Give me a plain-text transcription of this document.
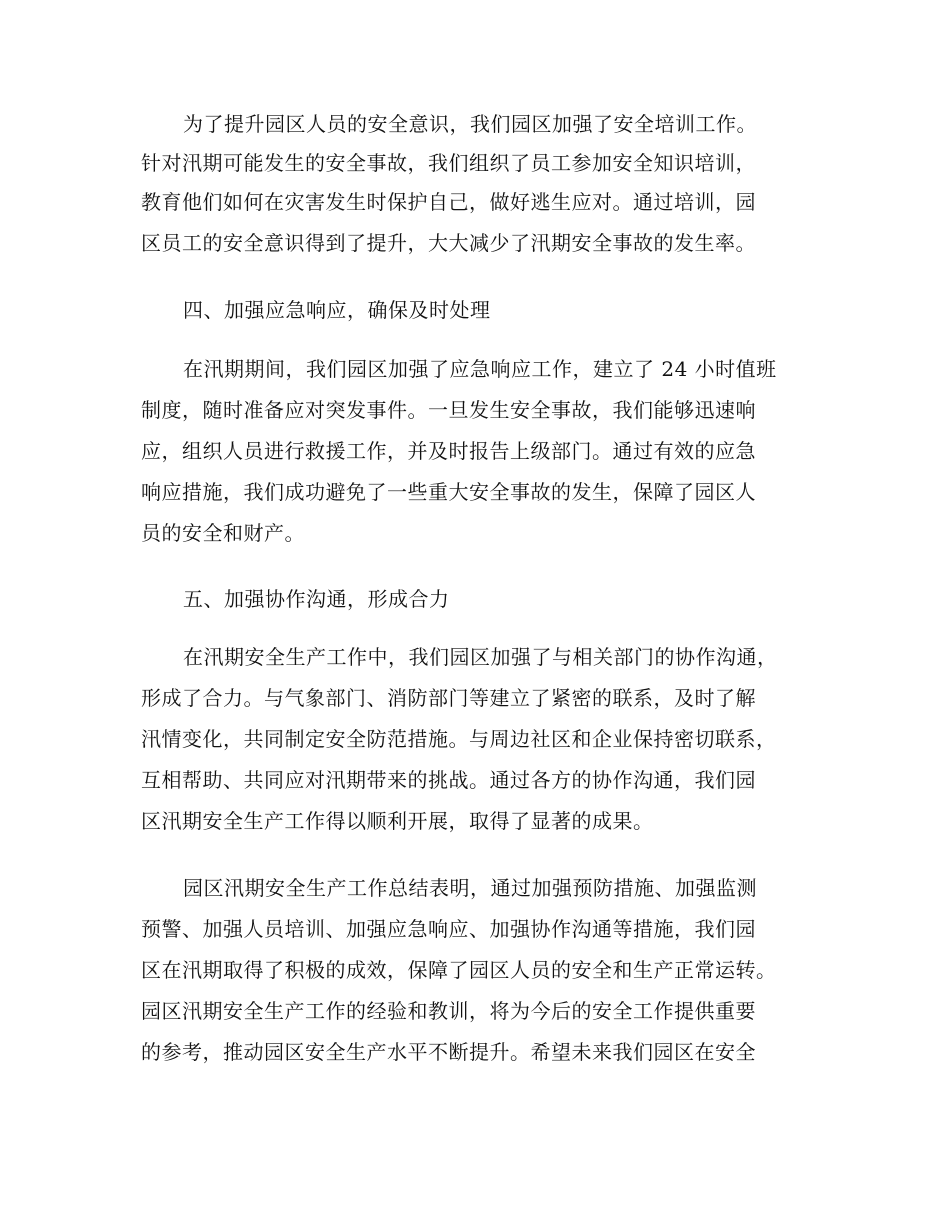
为了提升园区人员的安全意识，我们园区加强了安全培训工作。
针对汛期可能发生的安全事故，我们组织了员工参加安全知识培训，
教育他们如何在灾害发生时保护自己，做好逃生应对。通过培训，园
区员工的安全意识得到了提升，大大减少了汛期安全事故的发生率。
四、加强应急响应，确保及时处理
在汛期期间，我们园区加强了应急响应工作，建立了 24 小时值班
制度，随时准备应对突发事件。一旦发生安全事故，我们能够迅速响
应，组织人员进行救援工作，并及时报告上级部门。通过有效的应急
响应措施，我们成功避免了一些重大安全事故的发生，保障了园区人
员的安全和财产。
五、加强协作沟通，形成合力
在汛期安全生产工作中，我们园区加强了与相关部门的协作沟通，
形成了合力。与气象部门、消防部门等建立了紧密的联系，及时了解
汛情变化，共同制定安全防范措施。与周边社区和企业保持密切联系，
互相帮助、共同应对汛期带来的挑战。通过各方的协作沟通，我们园
区汛期安全生产工作得以顺利开展，取得了显著的成果。
园区汛期安全生产工作总结表明，通过加强预防措施、加强监测
预警、加强人员培训、加强应急响应、加强协作沟通等措施，我们园
区在汛期取得了积极的成效，保障了园区人员的安全和生产正常运转。
园区汛期安全生产工作的经验和教训，将为今后的安全工作提供重要
的参考，推动园区安全生产水平不断提升。希望未来我们园区在安全
